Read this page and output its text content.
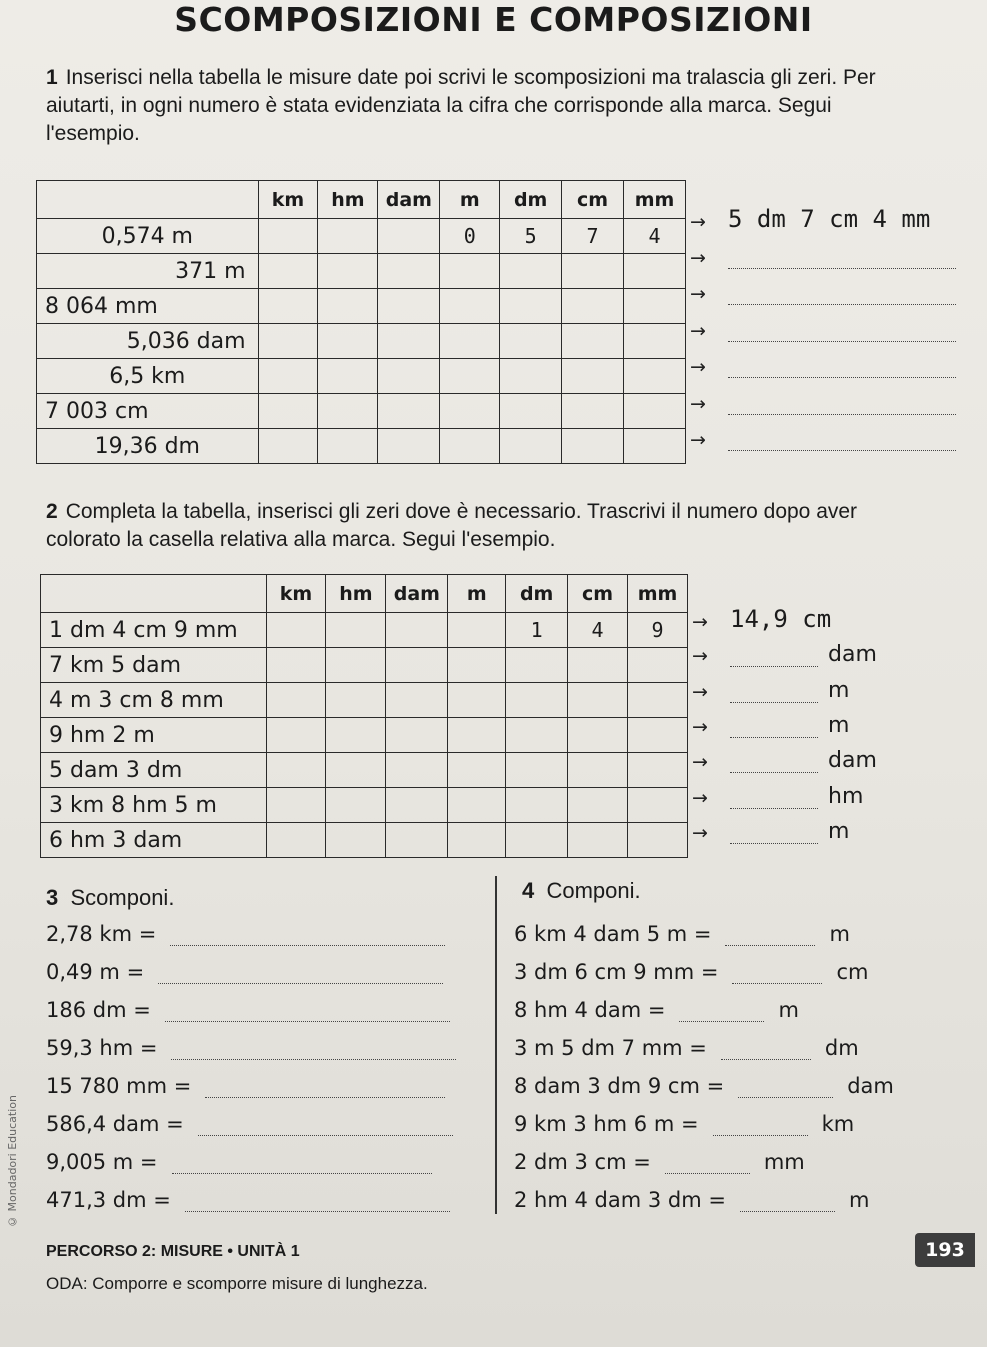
SCOMPOSIZIONI E COMPOSIZIONI
1 Inserisci nella tabella le misure date poi scrivi le scomposizioni ma tralascia gli zeri. Per aiutarti, in ogni numero è stata evidenziata la cifra che corrisponde alla marca. Segui l'esempio.
	km	hm	dam	m	dm	cm	mm
0,574 m				0	5	7	4
371 m							
8 064 mm							
5,036 dam							
6,5 km							
7 003 cm							
19,36 dm							
→ 5 dm 7 cm 4 mm
→
→
→
→
→
→
2 Completa la tabella, inserisci gli zeri dove è necessario. Trascrivi il numero dopo aver colorato la casella relativa alla marca. Segui l'esempio.
	km	hm	dam	m	dm	cm	mm
1 dm 4 cm 9 mm					1	4	9
7 km 5 dam							
4 m 3 cm 8 mm							
9 hm 2 m							
5 dam 3 dm							
3 km 8 hm 5 m							
6 hm 3 dam							
→ 14,9 cm
→	dam
→	m
→	m
→	dam
→	hm
→	m
3 Scomponi.	4 Componi.
2,78 km =
0,49 m =
186 dm =
59,3 hm =
15 780 mm =
586,4 dam =
9,005 m =
471,3 dm =
6 km 4 dam 5 m =	m
3 dm 6 cm 9 mm =	cm
8 hm 4 dam =	m
3 m 5 dm 7 mm =	dm
8 dam 3 dm 9 cm =	dam
9 km 3 hm 6 m =	km
2 dm 3 cm =	mm
2 hm 4 dam 3 dm =	m
© Mondadori Education
PERCORSO 2: MISURE • UNITÀ 1
ODA: Comporre e scomporre misure di lunghezza.
193
